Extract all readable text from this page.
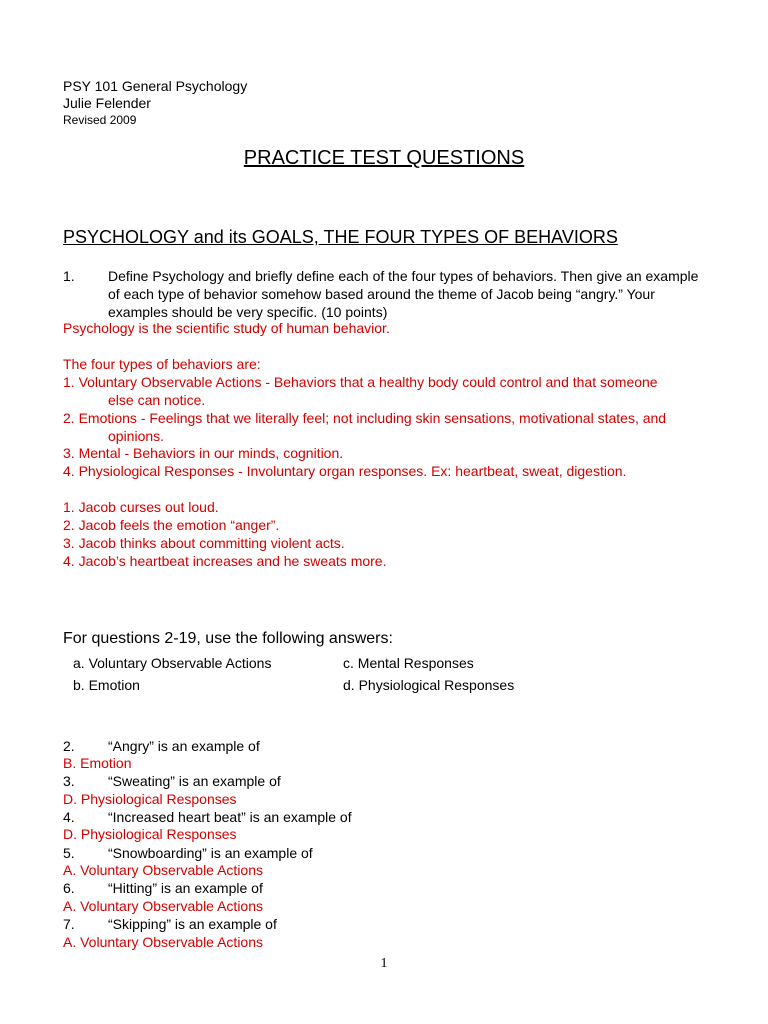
PSY 101 General Psychology
Julie Felender
Revised 2009
PRACTICE TEST QUESTIONS
PSYCHOLOGY and its GOALS, THE FOUR TYPES OF BEHAVIORS
1.	Define Psychology and briefly define each of the four types of behaviors. Then give an example of each type of behavior somehow based around the theme of Jacob being “angry.” Your examples should be very specific. (10 points)
Psychology is the scientific study of human behavior.
The four types of behaviors are:
1. Voluntary Observable Actions - Behaviors that a healthy body could control and that someone
else can notice.
2. Emotions - Feelings that we literally feel; not including skin sensations, motivational states, and
opinions.
3. Mental - Behaviors in our minds, cognition.
4. Physiological Responses - Involuntary organ responses. Ex: heartbeat, sweat, digestion.
1. Jacob curses out loud.
2. Jacob feels the emotion “anger”.
3. Jacob thinks about committing violent acts.
4. Jacob’s heartbeat increases and he sweats more.
For questions 2-19, use the following answers:
a. Voluntary Observable Actions
b. Emotion
c. Mental Responses
d. Physiological Responses
2. “Angry” is an example of
B. Emotion
3. “Sweating” is an example of
D. Physiological Responses
4. “Increased heart beat” is an example of
D. Physiological Responses
5. “Snowboarding” is an example of
A. Voluntary Observable Actions
6. “Hitting” is an example of
A. Voluntary Observable Actions
7. “Skipping” is an example of
A. Voluntary Observable Actions
1
